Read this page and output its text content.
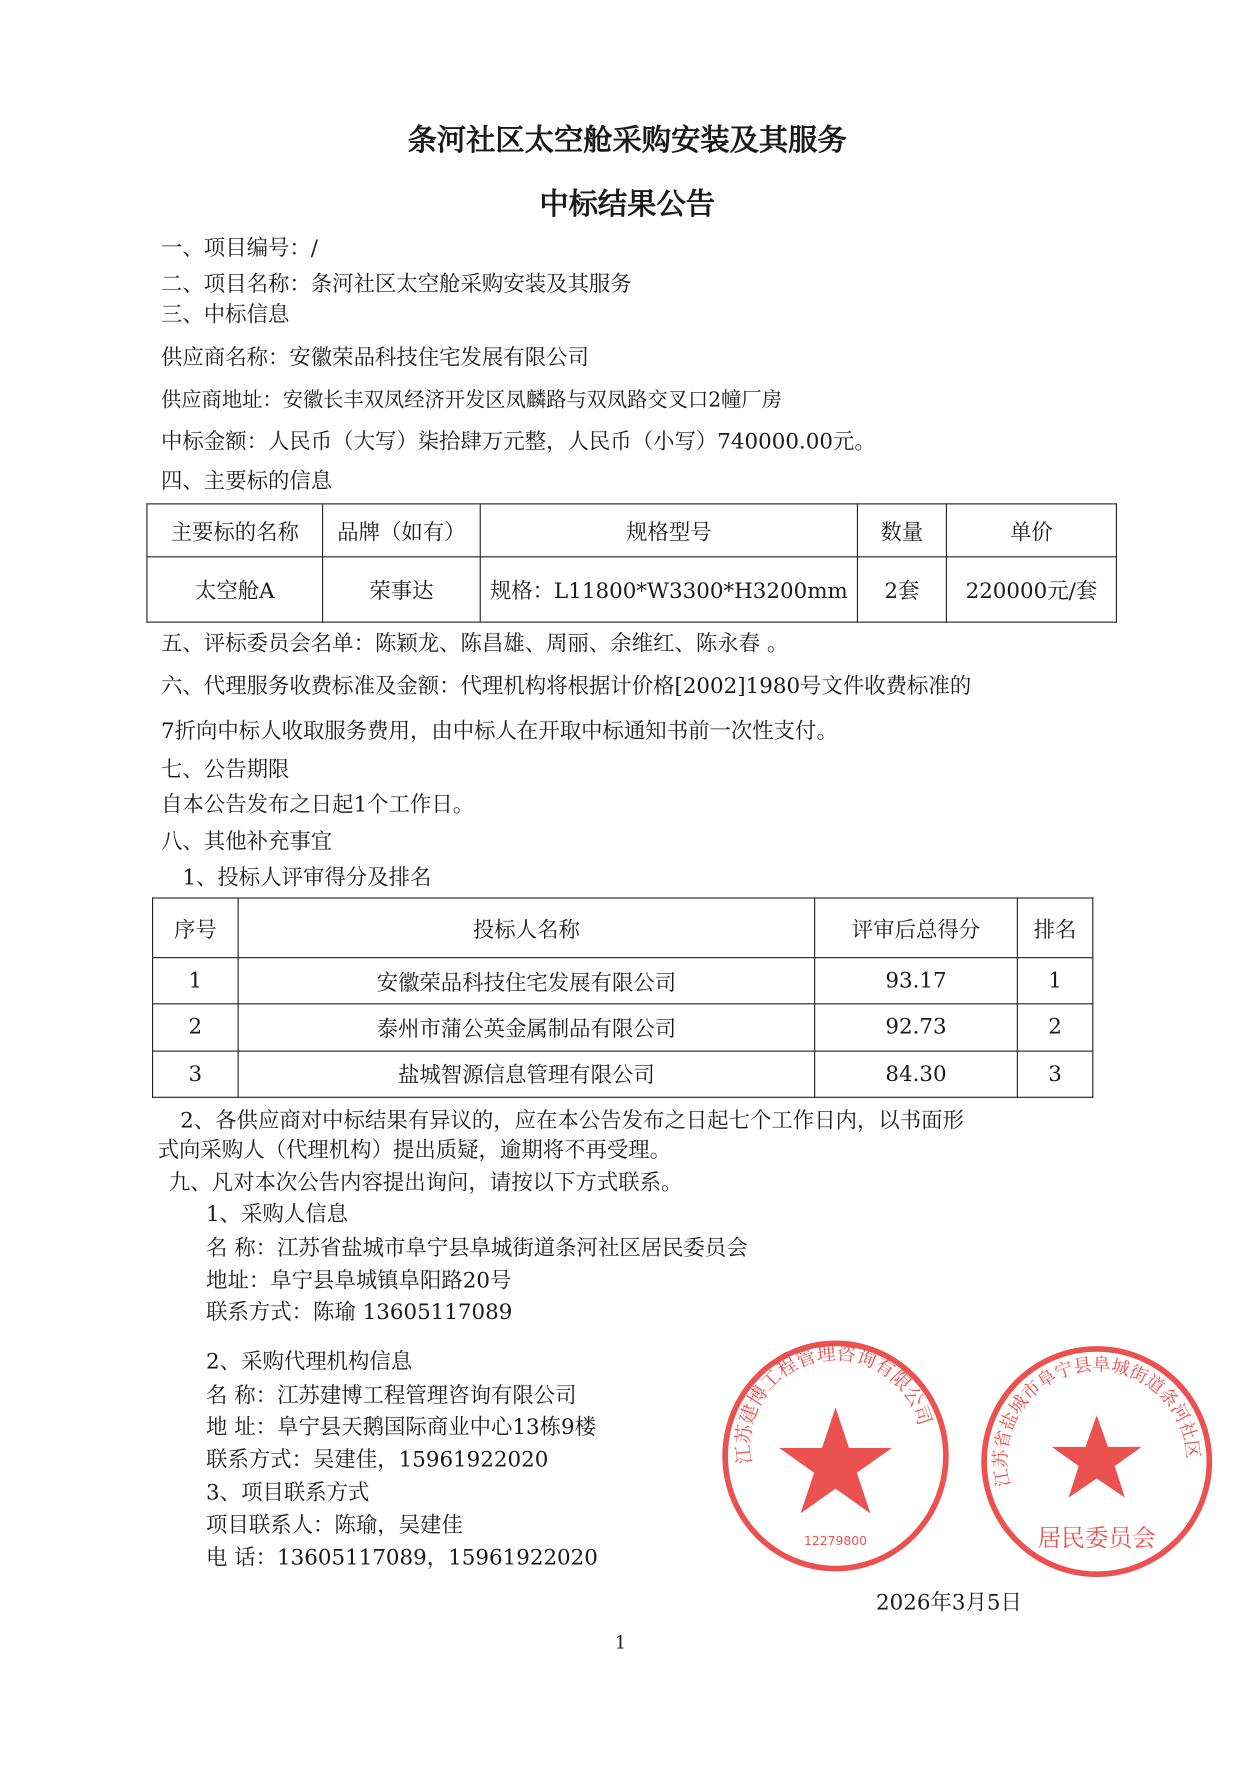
条河社区太空舱采购安装及其服务
中标结果公告
一、项目编号：/
二、项目名称：条河社区太空舱采购安装及其服务
三、中标信息
供应商名称：安徽荣品科技住宅发展有限公司
供应商地址：安徽长丰双凤经济开发区凤麟路与双凤路交叉口2幢厂房
中标金额：人民币（大写）柒拾肆万元整，人民币（小写）740000.00元。
四、主要标的信息
主要标的名称	品牌（如有）	规格型号	数量	单价
太空舱A	荣事达	规格：L11800*W3300*H3200mm	2套	220000元/套
五、评标委员会名单：陈颖龙、陈昌雄、周丽、余维红、陈永春 。
六、代理服务收费标准及金额：代理机构将根据计价格[2002]1980号文件收费标准的
7折向中标人收取服务费用，由中标人在开取中标通知书前一次性支付。
七、公告期限
自本公告发布之日起1个工作日。
八、其他补充事宜
1、投标人评审得分及排名
序号	投标人名称	评审后总得分	排名
1	安徽荣品科技住宅发展有限公司	93.17	1
2	泰州市蒲公英金属制品有限公司	92.73	2
3	盐城智源信息管理有限公司	84.30	3
2、各供应商对中标结果有异议的，应在本公告发布之日起七个工作日内，以书面形
式向采购人（代理机构）提出质疑，逾期将不再受理。
九、凡对本次公告内容提出询问，请按以下方式联系。
1、采购人信息
名 称：江苏省盐城市阜宁县阜城街道条河社区居民委员会
地址：阜宁县阜城镇阜阳路20号
联系方式：陈瑜 13605117089
2、采购代理机构信息
名 称：江苏建博工程管理咨询有限公司
地 址：阜宁县天鹅国际商业中心13栋9楼
联系方式：吴建佳，15961922020
3、项目联系方式
项目联系人：陈瑜，吴建佳
电 话：13605117089，15961922020
2026年3月5日
1
江苏建博工程管理咨询有限公司
12279800
江苏省盐城市阜宁县阜城街道条河社区
居民委员会
